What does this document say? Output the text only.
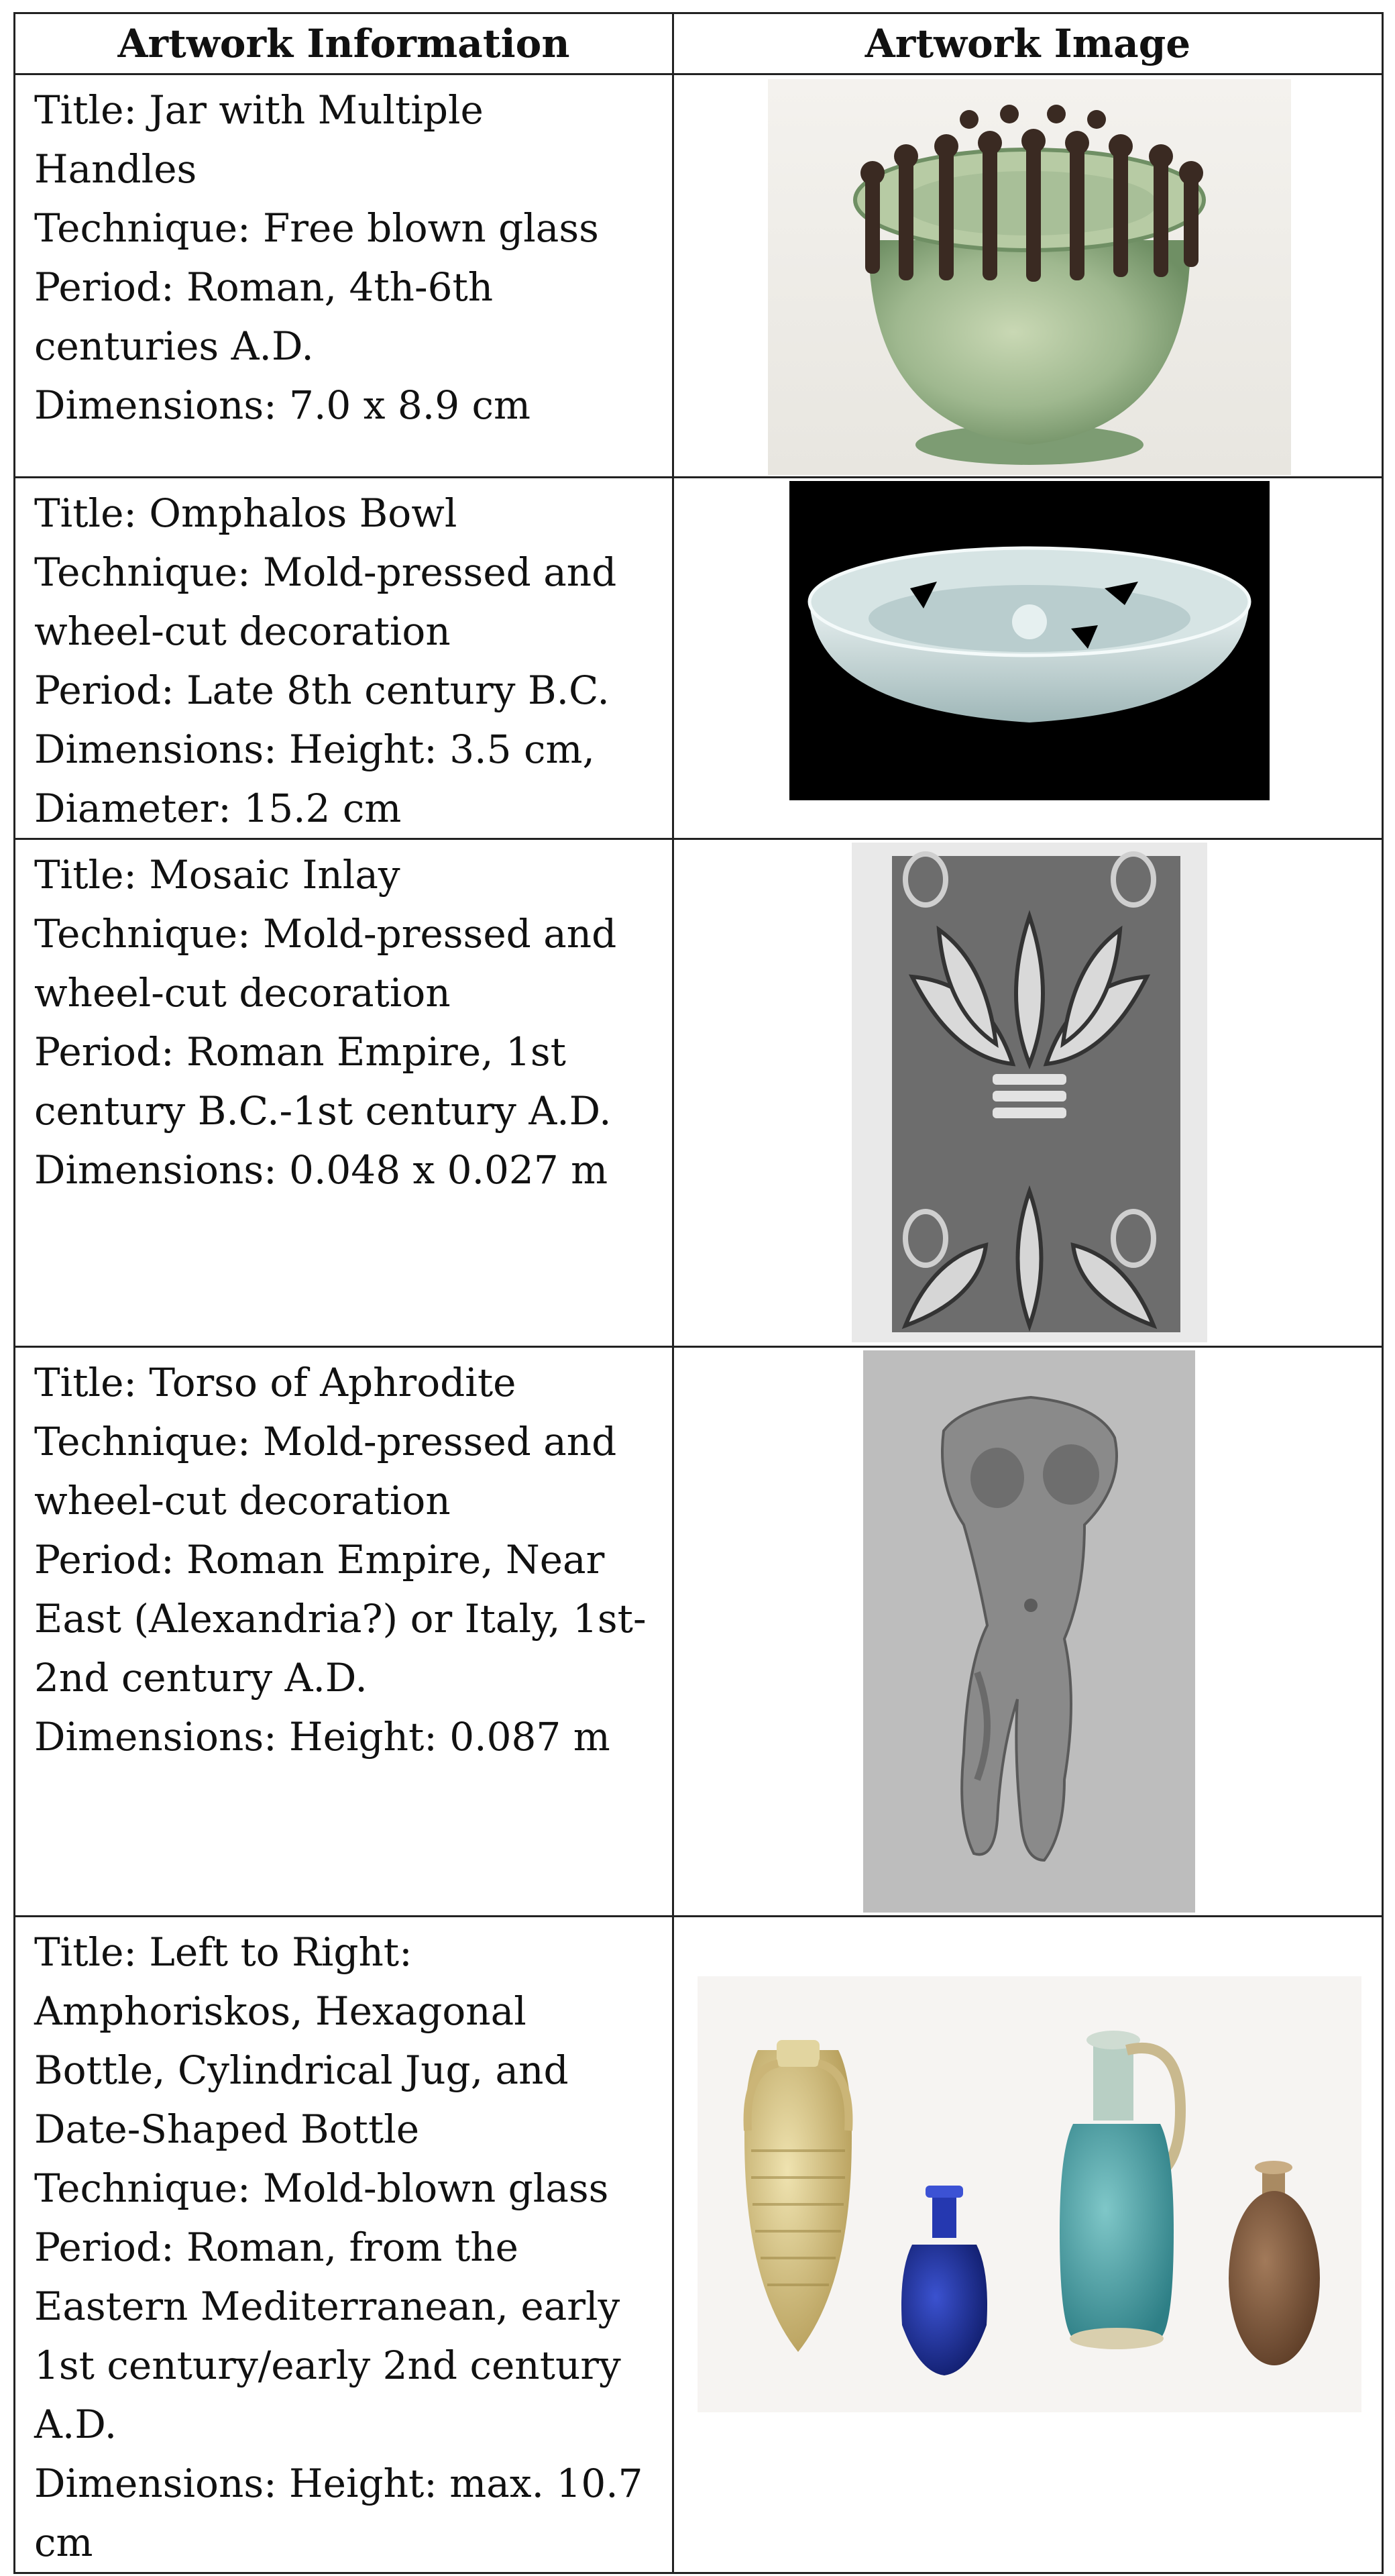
Artwork Information	Artwork Image

Title: Jar with Multiple Handles
Technique: Free blown glass
Period: Roman, 4th-6th centuries A.D.
Dimensions: 7.0 x 8.9 cm

Title: Omphalos Bowl
Technique: Mold-pressed and wheel-cut decoration
Period: Late 8th century B.C.
Dimensions: Height: 3.5 cm, Diameter: 15.2 cm

Title: Mosaic Inlay
Technique: Mold-pressed and wheel-cut decoration
Period: Roman Empire, 1st century B.C.-1st century A.D.
Dimensions: 0.048 x 0.027 m

Title: Torso of Aphrodite
Technique: Mold-pressed and wheel-cut decoration
Period: Roman Empire, Near East (Alexandria?) or Italy, 1st-2nd century A.D.
Dimensions: Height: 0.087 m

Title: Left to Right: Amphoriskos, Hexagonal Bottle, Cylindrical Jug, and Date-Shaped Bottle
Technique: Mold-blown glass
Period: Roman, from the Eastern Mediterranean, early 1st century/early 2nd century A.D.
Dimensions: Height: max. 10.7 cm
